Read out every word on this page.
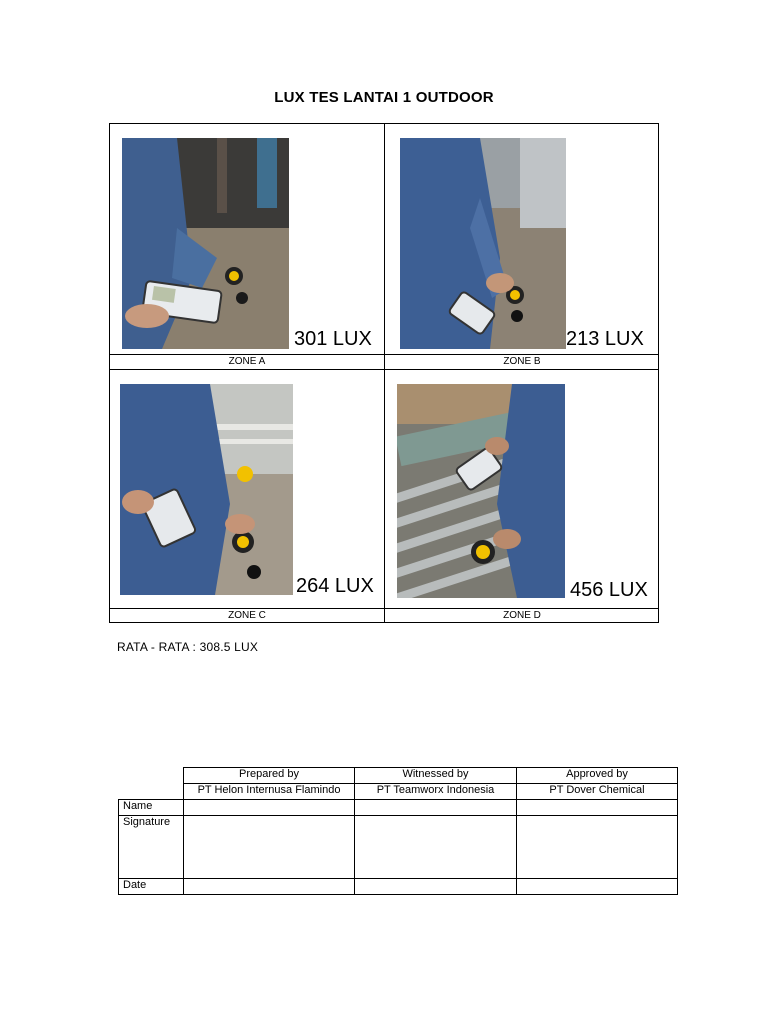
LUX TES LANTAI 1 OUTDOOR
301 LUX	213 LUX
ZONE A	ZONE B
264 LUX	456 LUX
ZONE C	ZONE D
RATA - RATA : 308.5 LUX
	Prepared by	Witnessed by	Approved by
	PT Helon Internusa Flamindo	PT Teamworx Indonesia	PT Dover Chemical
Name			
Signature			
Date			
